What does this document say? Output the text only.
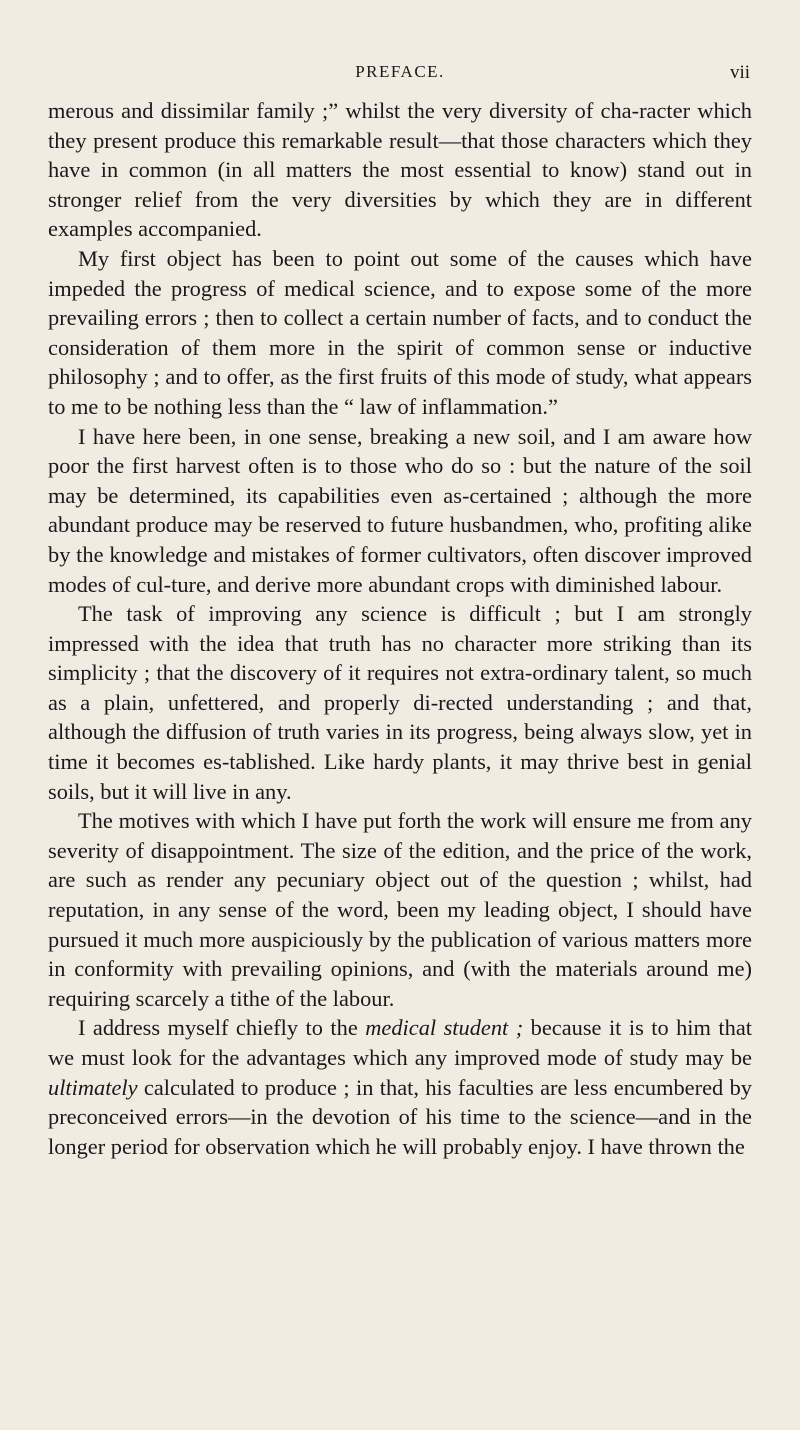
PREFACE.	vii

merous and dissimilar family ;” whilst the very diversity of cha-racter which they present produce this remarkable result—that those characters which they have in common (in all matters the most essential to know) stand out in stronger relief from the very diversities by which they are in different examples accompanied.

My first object has been to point out some of the causes which have impeded the progress of medical science, and to expose some of the more prevailing errors ; then to collect a certain number of facts, and to conduct the consideration of them more in the spirit of common sense or inductive philosophy ; and to offer, as the first fruits of this mode of study, what appears to me to be nothing less than the “ law of inflammation.”

I have here been, in one sense, breaking a new soil, and I am aware how poor the first harvest often is to those who do so : but the nature of the soil may be determined, its capabilities even as-certained ; although the more abundant produce may be reserved to future husbandmen, who, profiting alike by the knowledge and mistakes of former cultivators, often discover improved modes of cul-ture, and derive more abundant crops with diminished labour.

The task of improving any science is difficult ; but I am strongly impressed with the idea that truth has no character more striking than its simplicity ; that the discovery of it requires not extra-ordinary talent, so much as a plain, unfettered, and properly di-rected understanding ; and that, although the diffusion of truth varies in its progress, being always slow, yet in time it becomes es-tablished. Like hardy plants, it may thrive best in genial soils, but it will live in any.

The motives with which I have put forth the work will ensure me from any severity of disappointment. The size of the edition, and the price of the work, are such as render any pecuniary object out of the question ; whilst, had reputation, in any sense of the word, been my leading object, I should have pursued it much more auspiciously by the publication of various matters more in conformity with prevailing opinions, and (with the materials around me) requiring scarcely a tithe of the labour.

I address myself chiefly to the medical student ; because it is to him that we must look for the advantages which any improved mode of study may be ultimately calculated to produce ; in that, his faculties are less encumbered by preconceived errors—in the devotion of his time to the science—and in the longer period for observation which he will probably enjoy. I have thrown the
